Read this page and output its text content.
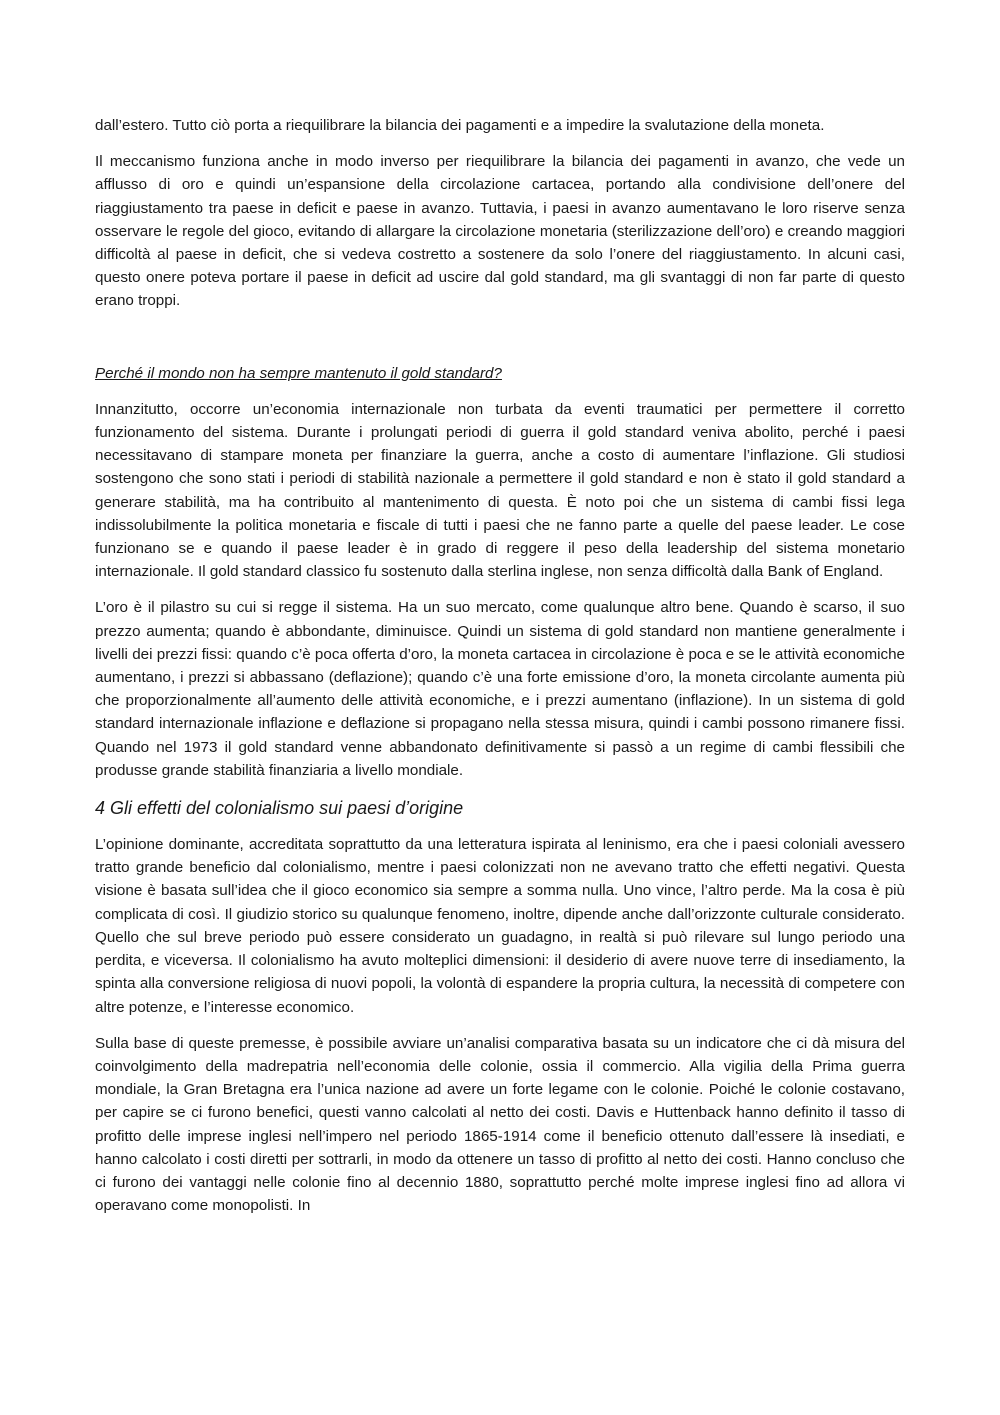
dall’estero. Tutto ciò porta a riequilibrare la bilancia dei pagamenti e a impedire la svalutazione della moneta.

Il meccanismo funziona anche in modo inverso per riequilibrare la bilancia dei pagamenti in avanzo, che vede un afflusso di oro e quindi un’espansione della circolazione cartacea, portando alla condivisione dell’onere del riaggiustamento tra paese in deficit e paese in avanzo. Tuttavia, i paesi in avanzo aumentavano le loro riserve senza osservare le regole del gioco, evitando di allargare la circolazione monetaria (sterilizzazione dell’oro) e creando maggiori difficoltà al paese in deficit, che si vedeva costretto a sostenere da solo l’onere del riaggiustamento. In alcuni casi, questo onere poteva portare il paese in deficit ad uscire dal gold standard, ma gli svantaggi di non far parte di questo erano troppi.

Perché il mondo non ha sempre mantenuto il gold standard?

Innanzitutto, occorre un’economia internazionale non turbata da eventi traumatici per permettere il corretto funzionamento del sistema. Durante i prolungati periodi di guerra il gold standard veniva abolito, perché i paesi necessitavano di stampare moneta per finanziare la guerra, anche a costo di aumentare l’inflazione. Gli studiosi sostengono che sono stati i periodi di stabilità nazionale a permettere il gold standard e non è stato il gold standard a generare stabilità, ma ha contribuito al mantenimento di questa. È noto poi che un sistema di cambi fissi lega indissolubilmente la politica monetaria e fiscale di tutti i paesi che ne fanno parte a quelle del paese leader. Le cose funzionano se e quando il paese leader è in grado di reggere il peso della leadership del sistema monetario internazionale. Il gold standard classico fu sostenuto dalla sterlina inglese, non senza difficoltà dalla Bank of England.

L’oro è il pilastro su cui si regge il sistema. Ha un suo mercato, come qualunque altro bene. Quando è scarso, il suo prezzo aumenta; quando è abbondante, diminuisce. Quindi un sistema di gold standard non mantiene generalmente i livelli dei prezzi fissi: quando c’è poca offerta d’oro, la moneta cartacea in circolazione è poca e se le attività economiche aumentano, i prezzi si abbassano (deflazione); quando c’è una forte emissione d’oro, la moneta circolante aumenta più che proporzionalmente all’aumento delle attività economiche, e i prezzi aumentano (inflazione). In un sistema di gold standard internazionale inflazione e deflazione si propagano nella stessa misura, quindi i cambi possono rimanere fissi. Quando nel 1973 il gold standard venne abbandonato definitivamente si passò a un regime di cambi flessibili che produsse grande stabilità finanziaria a livello mondiale.

4 Gli effetti del colonialismo sui paesi d’origine

L’opinione dominante, accreditata soprattutto da una letteratura ispirata al leninismo, era che i paesi coloniali avessero tratto grande beneficio dal colonialismo, mentre i paesi colonizzati non ne avevano tratto che effetti negativi. Questa visione è basata sull’idea che il gioco economico sia sempre a somma nulla. Uno vince, l’altro perde. Ma la cosa è più complicata di così. Il giudizio storico su qualunque fenomeno, inoltre, dipende anche dall’orizzonte culturale considerato. Quello che sul breve periodo può essere considerato un guadagno, in realtà si può rilevare sul lungo periodo una perdita, e viceversa. Il colonialismo ha avuto molteplici dimensioni: il desiderio di avere nuove terre di insediamento, la spinta alla conversione religiosa di nuovi popoli, la volontà di espandere la propria cultura, la necessità di competere con altre potenze, e l’interesse economico.

Sulla base di queste premesse, è possibile avviare un’analisi comparativa basata su un indicatore che ci dà misura del coinvolgimento della madrepatria nell’economia delle colonie, ossia il commercio. Alla vigilia della Prima guerra mondiale, la Gran Bretagna era l’unica nazione ad avere un forte legame con le colonie. Poiché le colonie costavano, per capire se ci furono benefici, questi vanno calcolati al netto dei costi. Davis e Huttenback hanno definito il tasso di profitto delle imprese inglesi nell’impero nel periodo 1865-1914 come il beneficio ottenuto dall’essere là insediati, e hanno calcolato i costi diretti per sottrarli, in modo da ottenere un tasso di profitto al netto dei costi. Hanno concluso che ci furono dei vantaggi nelle colonie fino al decennio 1880, soprattutto perché molte imprese inglesi fino ad allora vi operavano come monopolisti. In
